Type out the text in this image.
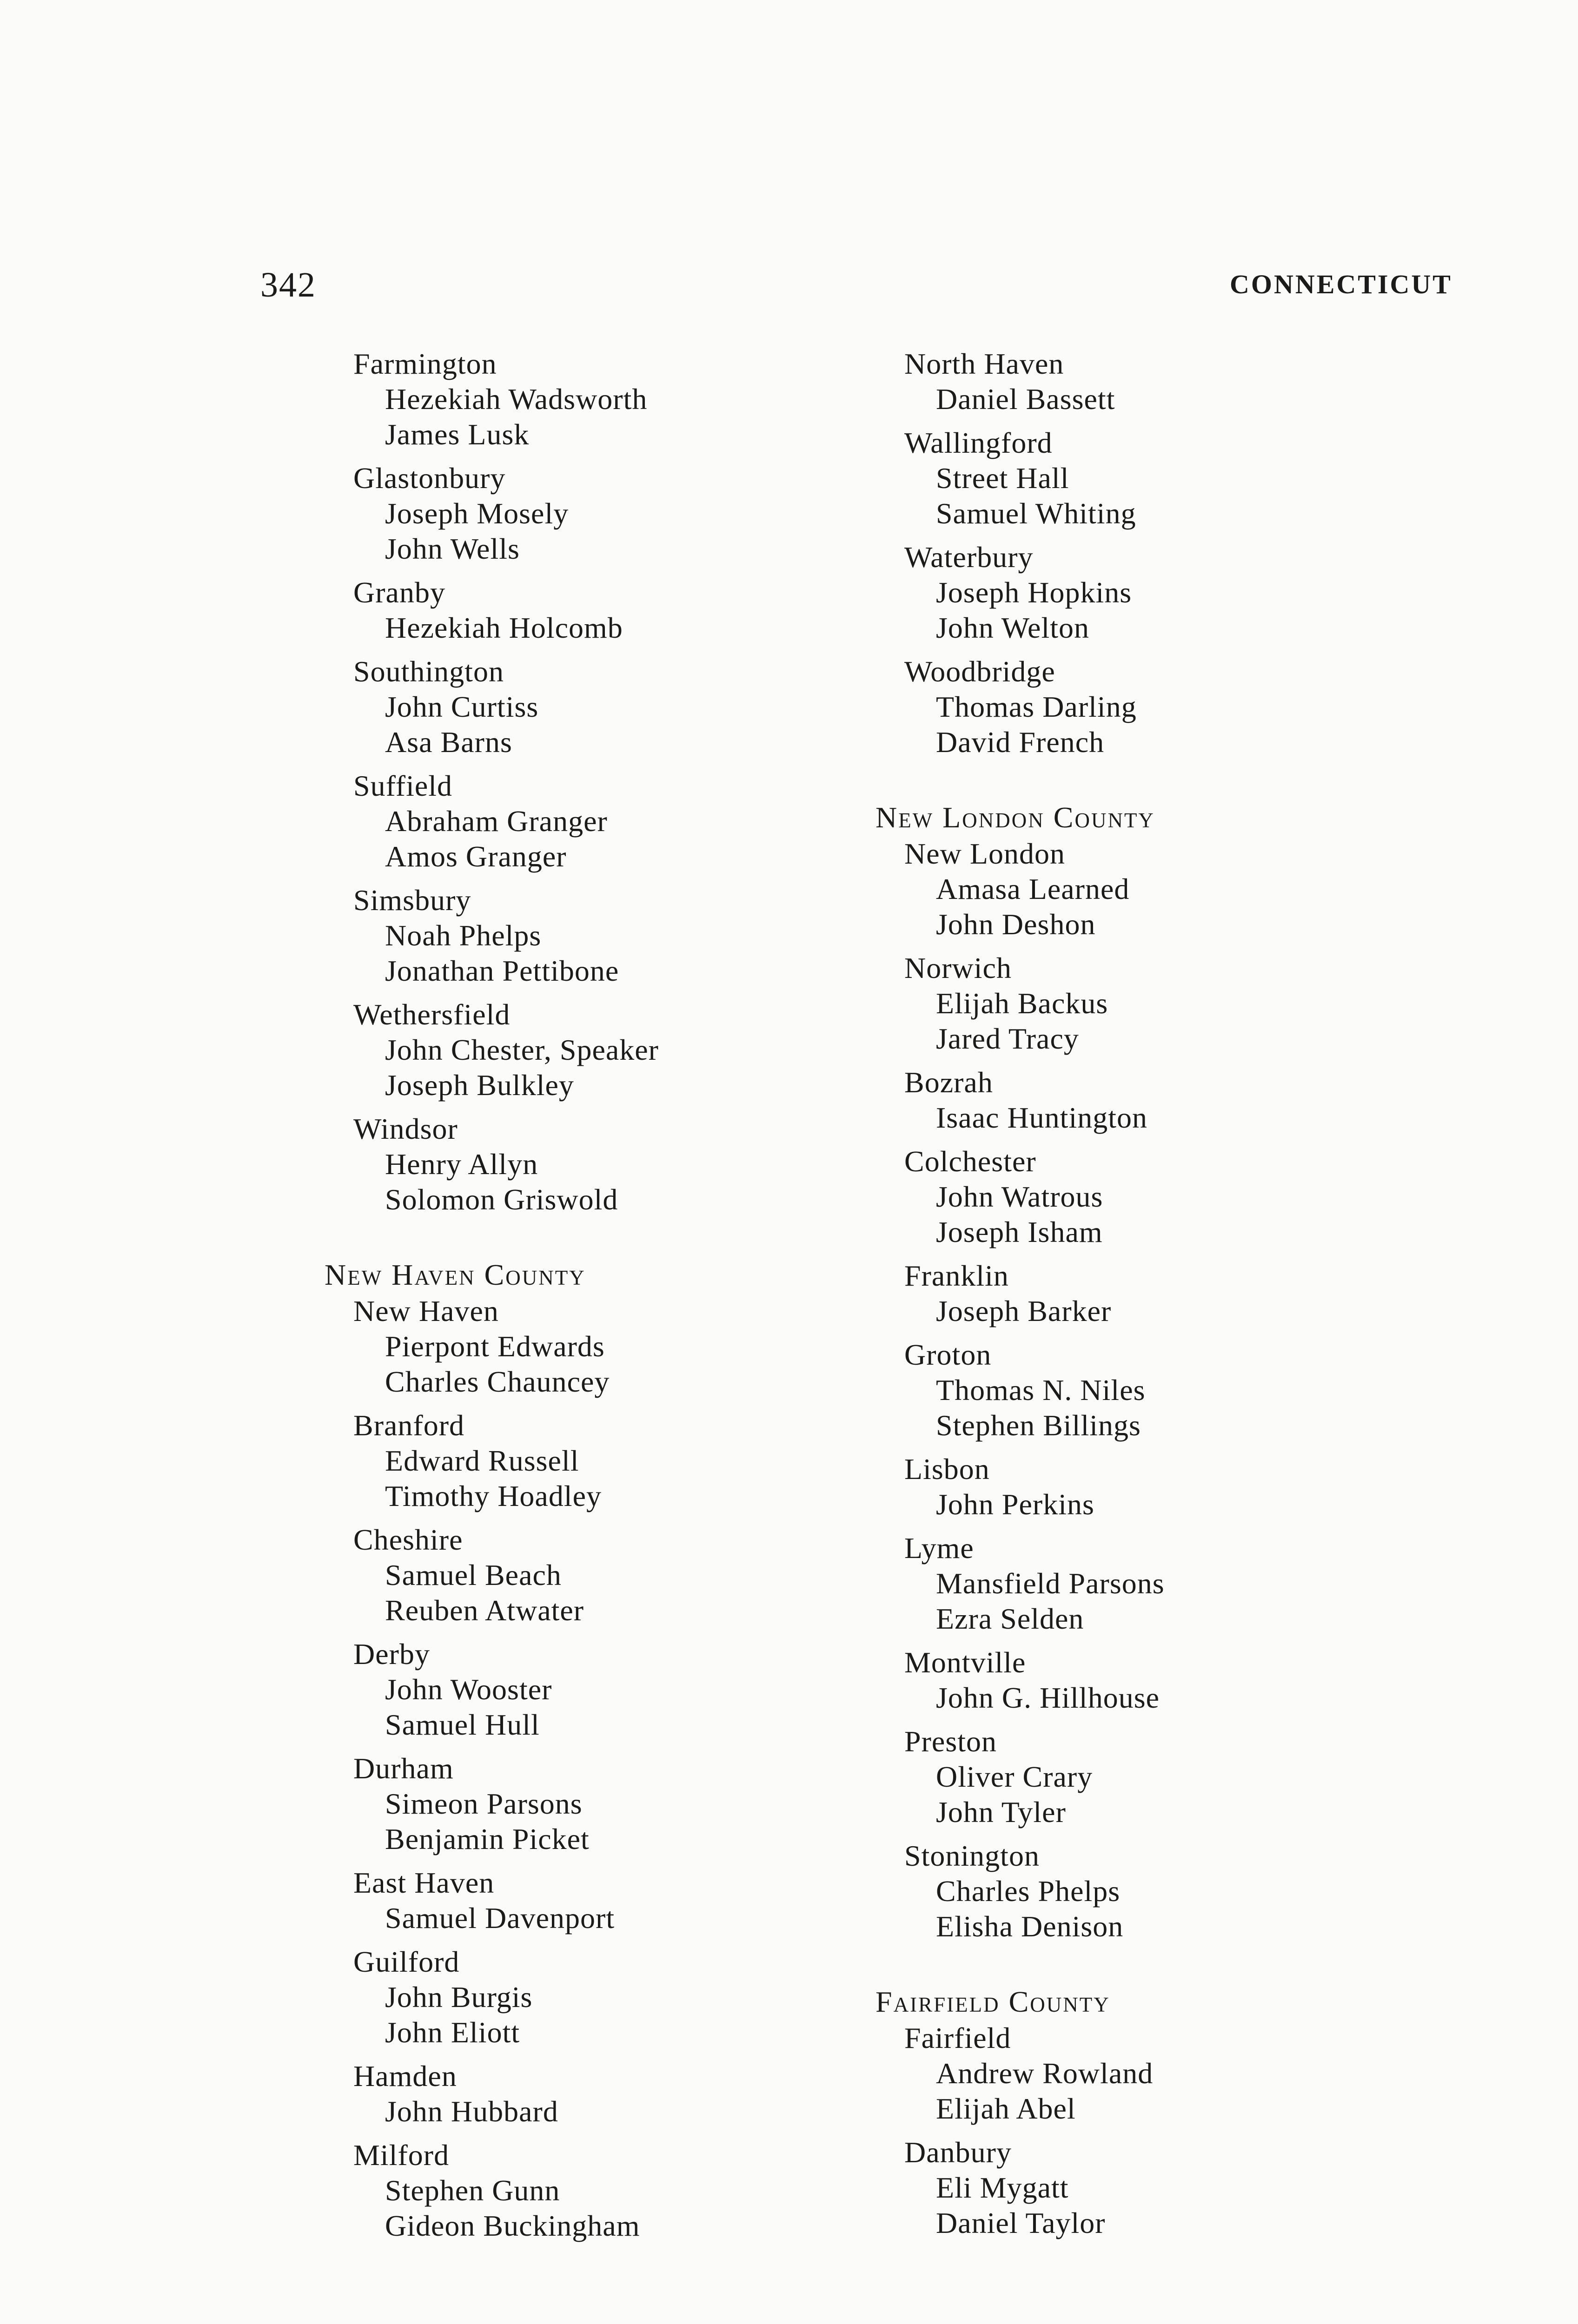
342	CONNECTICUT
Farmington
Hezekiah Wadsworth
James Lusk
Glastonbury
Joseph Mosely
John Wells
Granby
Hezekiah Holcomb
Southington
John Curtiss
Asa Barns
Suffield
Abraham Granger
Amos Granger
Simsbury
Noah Phelps
Jonathan Pettibone
Wethersfield
John Chester, Speaker
Joseph Bulkley
Windsor
Henry Allyn
Solomon Griswold
New Haven County
New Haven
Pierpont Edwards
Charles Chauncey
Branford
Edward Russell
Timothy Hoadley
Cheshire
Samuel Beach
Reuben Atwater
Derby
John Wooster
Samuel Hull
Durham
Simeon Parsons
Benjamin Picket
East Haven
Samuel Davenport
Guilford
John Burgis
John Eliott
Hamden
John Hubbard
Milford
Stephen Gunn
Gideon Buckingham
North Haven
Daniel Bassett
Wallingford
Street Hall
Samuel Whiting
Waterbury
Joseph Hopkins
John Welton
Woodbridge
Thomas Darling
David French
New London County
New London
Amasa Learned
John Deshon
Norwich
Elijah Backus
Jared Tracy
Bozrah
Isaac Huntington
Colchester
John Watrous
Joseph Isham
Franklin
Joseph Barker
Groton
Thomas N. Niles
Stephen Billings
Lisbon
John Perkins
Lyme
Mansfield Parsons
Ezra Selden
Montville
John G. Hillhouse
Preston
Oliver Crary
John Tyler
Stonington
Charles Phelps
Elisha Denison
Fairfield County
Fairfield
Andrew Rowland
Elijah Abel
Danbury
Eli Mygatt
Daniel Taylor
